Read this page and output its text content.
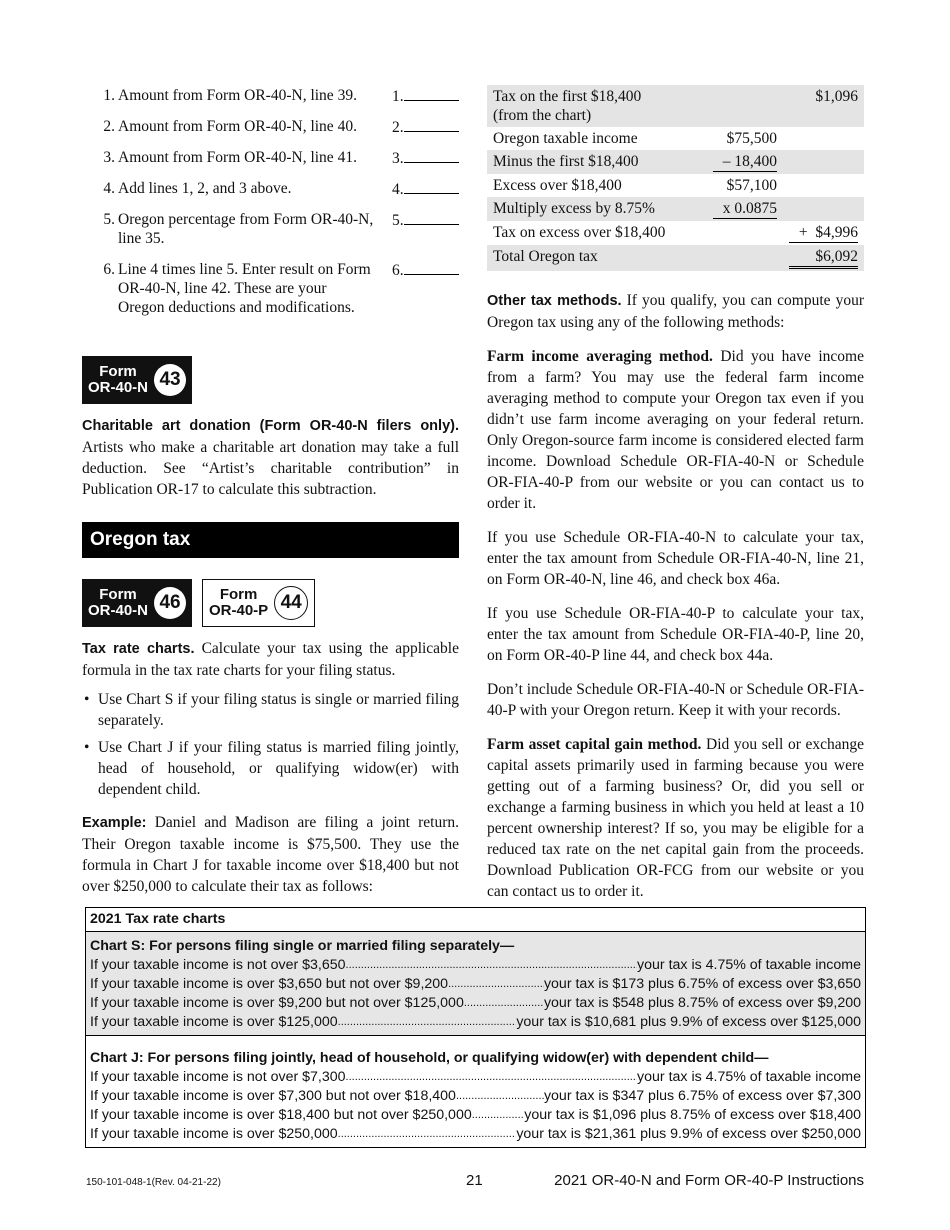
1. Amount from Form OR-40-N, line 39.	1.
2. Amount from Form OR-40-N, line 40.	2.
3. Amount from Form OR-40-N, line 41.	3.
4. Add lines 1, 2, and 3 above.	4.
5. Oregon percentage from Form OR-40-N, line 35.
5.
6. Line 4 times line 5. Enter result on Form OR-40-N, line 42. These are your Oregon deductions and modifications.
6.
Form
OR-40-N 43
Charitable art donation (Form OR-40-N filers only). Artists who make a charitable art donation may take a full deduction. See “Artist’s charitable contribution” in Publication OR-17 to calculate this subtraction.
Oregon tax
Form
OR-40-N 46	Form
OR-40-P 44
Tax rate charts. Calculate your tax using the applicable formula in the tax rate charts for your filing status.
• Use Chart S if your filing status is single or married filing separately.
• Use Chart J if your filing status is married filing jointly, head of household, or qualifying widow(er) with dependent child.
Example: Daniel and Madison are filing a joint return. Their Oregon taxable income is $75,500. They use the formula in Chart J for taxable income over $18,400 but not over $250,000 to calculate their tax as follows:
Tax on the first $18,400
(from the chart)		$1,096
Oregon taxable income	$75,500	
Minus the first $18,400	– 18,400	

Excess over $18,400	$57,100	
Multiply excess by 8.75%	x 0.0875	

Tax on excess over $18,400		+  $4,996

Total Oregon tax		$6,092
Other tax methods. If you qualify, you can compute your Oregon tax using any of the following methods:
Farm income averaging method. Did you have income from a farm? You may use the federal farm income averaging method to compute your Oregon tax even if you didn’t use farm income averaging on your federal return. Only Oregon-source farm income is considered elected farm income. Download Schedule OR-FIA-40-N or Schedule OR-FIA-40-P from our website or you can contact us to order it.
If you use Schedule OR-FIA-40-N to calculate your tax, enter the tax amount from Schedule OR-FIA-40-N, line 21, on Form OR-40-N, line 46, and check box 46a.
If you use Schedule OR-FIA-40-P to calculate your tax, enter the tax amount from Schedule OR-FIA-40-P, line 20, on Form OR-40-P line 44, and check box 44a.
Don’t include Schedule OR-FIA-40-N or Schedule OR-FIA-40-P with your Oregon return. Keep it with your records.
Farm asset capital gain method. Did you sell or exchange capital assets primarily used in farming because you were getting out of a farming business? Or, did you sell or exchange a farming business in which you held at least a 10 percent ownership interest? If so, you may be eligible for a reduced tax rate on the net capital gain from the proceeds. Download Publication OR-FCG from our website or you can contact us to order it.
2021 Tax rate charts
Chart S: For persons filing single or married filing separately—
If your taxable income is not over $3,650 .....	your tax is 4.75% of taxable income
If your taxable income is over $3,650 but not over $9,200 .....	your tax is $173 plus 6.75% of excess over $3,650
If your taxable income is over $9,200 but not over $125,000 .....	your tax is $548 plus 8.75% of excess over $9,200
If your taxable income is over $125,000 .....	your tax is $10,681 plus 9.9% of excess over $125,000
Chart J: For persons filing jointly, head of household, or qualifying widow(er) with dependent child—
If your taxable income is not over $7,300 .....	your tax is 4.75% of taxable income
If your taxable income is over $7,300 but not over $18,400 .....	your tax is $347 plus 6.75% of excess over $7,300
If your taxable income is over $18,400 but not over $250,000 .....	your tax is $1,096 plus 8.75% of excess over $18,400
If your taxable income is over $250,000 .....	your tax is $21,361 plus 9.9% of excess over $250,000
150-101-048-1(Rev. 04-21-22)	21	2021 OR-40-N and Form OR-40-P Instructions
